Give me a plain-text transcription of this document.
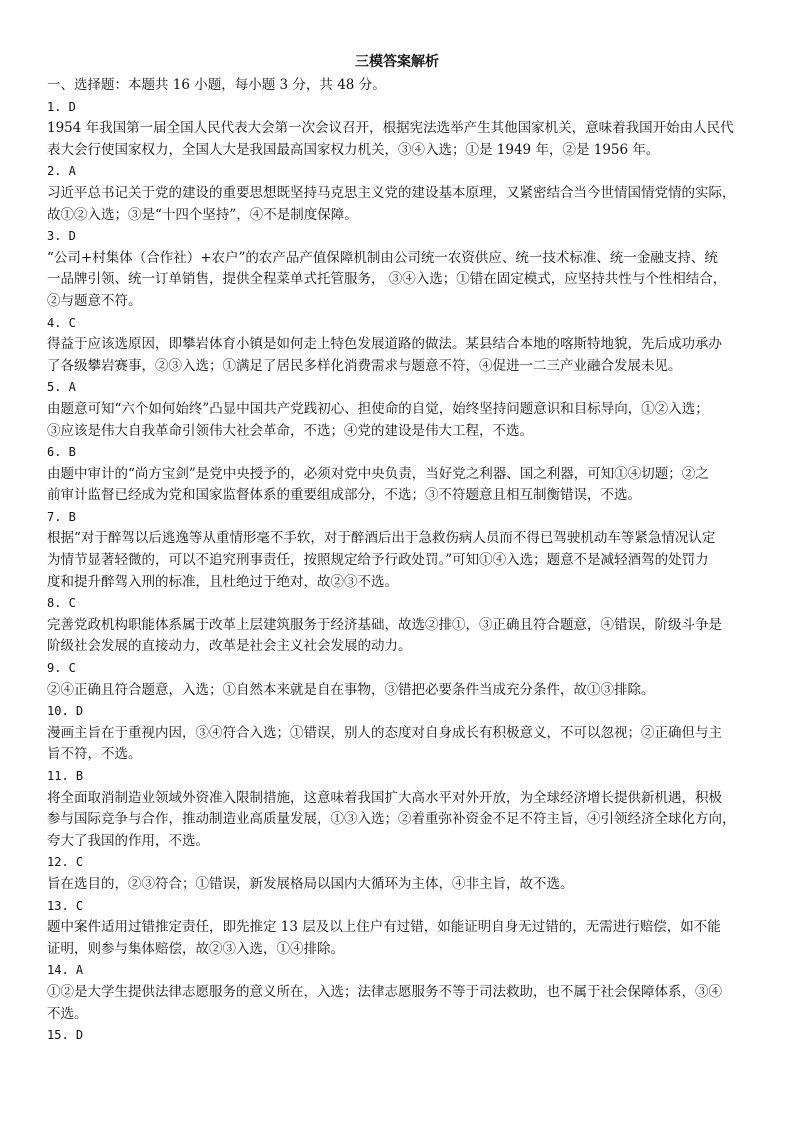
三模答案解析
一、选择题：本题共 16 小题，每小题 3 分，共 48 分。
1. D
1954 年我国第一届全国人民代表大会第一次会议召开，根据宪法选举产生其他国家机关，意味着我国开始由人民代
表大会行使国家权力，全国人大是我国最高国家权力机关，③④入选；①是 1949 年，②是 1956 年。
2. A
习近平总书记关于党的建设的重要思想既坚持马克思主义党的建设基本原理，又紧密结合当今世情国情党情的实际，
故①②入选；③是“十四个坚持”，④不是制度保障。
3. D
“公司+村集体（合作社）+农户”的农产品产值保障机制由公司统一农资供应、统一技术标准、统一金融支持、统
一品牌引领、统一订单销售，提供全程菜单式托管服务， ③④入选；①错在固定模式，应坚持共性与个性相结合，
②与题意不符。
4. C
得益于应该选原因，即攀岩体育小镇是如何走上特色发展道路的做法。某县结合本地的喀斯特地貌，先后成功承办
了各级攀岩赛事，②③入选；①满足了居民多样化消费需求与题意不符，④促进一二三产业融合发展未见。
5. A
由题意可知“六个如何始终”凸显中国共产党践初心、担使命的自觉，始终坚持问题意识和目标导向，①②入选；
③应该是伟大自我革命引领伟大社会革命，不选；④党的建设是伟大工程，不选。
6. B
由题中审计的“尚方宝剑”是党中央授予的，必须对党中央负责，当好党之利器、国之利器，可知①④切题；②之
前审计监督已经成为党和国家监督体系的重要组成部分，不选；③不符题意且相互制衡错误，不选。
7. B
根据“对于醉驾以后逃逸等从重情形毫不手软，对于醉酒后出于急救伤病人员而不得已驾驶机动车等紧急情况认定
为情节显著轻微的，可以不追究刑事责任，按照规定给予行政处罚。”可知①④入选；题意不是减轻酒驾的处罚力
度和提升醉驾入刑的标准，且杜绝过于绝对，故②③不选。
8. C
完善党政机构职能体系属于改革上层建筑服务于经济基础，故选②排①，③正确且符合题意，④错误，阶级斗争是
阶级社会发展的直接动力，改革是社会主义社会发展的动力。
9. C
②④正确且符合题意，入选；①自然本来就是自在事物，③错把必要条件当成充分条件，故①③排除。
10. D
漫画主旨在于重视内因，③④符合入选；①错误，别人的态度对自身成长有积极意义，不可以忽视；②正确但与主
旨不符，不选。
11. B
将全面取消制造业领域外资准入限制措施，这意味着我国扩大高水平对外开放，为全球经济增长提供新机遇，积极
参与国际竞争与合作，推动制造业高质量发展，①③入选；②着重弥补资金不足不符主旨，④引领经济全球化方向，
夸大了我国的作用，不选。
12. C
旨在选目的，②③符合；①错误，新发展格局以国内大循环为主体，④非主旨，故不选。
13. C
题中案件适用过错推定责任，即先推定 13 层及以上住户有过错，如能证明自身无过错的，无需进行赔偿，如不能
证明，则参与集体赔偿，故②③入选，①④排除。
14. A
①②是大学生提供法律志愿服务的意义所在，入选；法律志愿服务不等于司法救助，也不属于社会保障体系，③④
不选。
15. D
